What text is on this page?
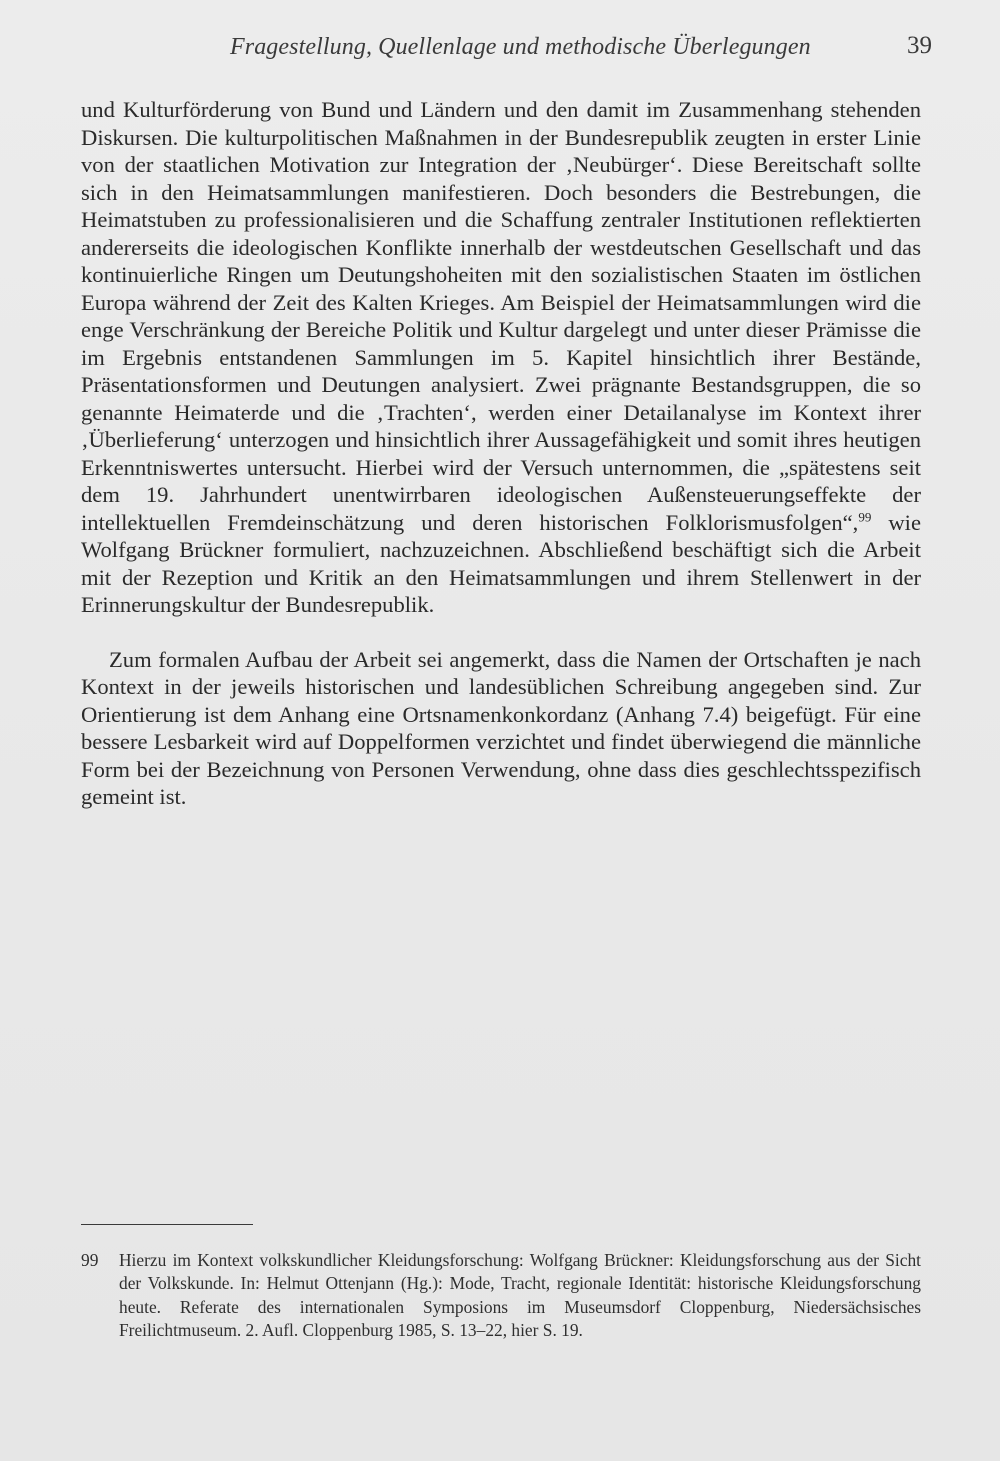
Fragestellung, Quellenlage und methodische Überlegungen	39

und Kulturförderung von Bund und Ländern und den damit im Zusammenhang stehenden Diskursen. Die kulturpolitischen Maßnahmen in der Bundesrepublik zeugten in erster Linie von der staatlichen Motivation zur Integration der ‚Neubürger‘. Diese Bereitschaft sollte sich in den Heimatsammlungen manifestieren. Doch besonders die Bestrebungen, die Heimatstuben zu professionalisieren und die Schaffung zentraler Institutionen reflektierten andererseits die ideologischen Konflikte innerhalb der westdeutschen Gesellschaft und das kontinuierliche Ringen um Deutungshoheiten mit den sozialistischen Staaten im östlichen Europa während der Zeit des Kalten Krieges. Am Beispiel der Heimatsammlungen wird die enge Verschränkung der Bereiche Politik und Kultur dargelegt und unter dieser Prämisse die im Ergebnis entstandenen Sammlungen im 5. Kapitel hinsichtlich ihrer Bestände, Präsentationsformen und Deutungen analysiert. Zwei prägnante Bestandsgruppen, die so genannte Heimaterde und die ‚Trachten‘, werden einer Detailanalyse im Kontext ihrer ‚Überlieferung‘ unterzogen und hinsichtlich ihrer Aussagefähigkeit und somit ihres heutigen Erkenntniswertes untersucht. Hierbei wird der Versuch unternommen, die „spätestens seit dem 19. Jahrhundert unentwirrbaren ideologischen Außensteuerungseffekte der intellektuellen Fremdeinschätzung und deren historischen Folklorismusfolgen“,$^{99}$ wie Wolfgang Brückner formuliert, nachzuzeichnen. Abschließend beschäftigt sich die Arbeit mit der Rezeption und Kritik an den Heimatsammlungen und ihrem Stellenwert in der Erinnerungskultur der Bundesrepublik.

Zum formalen Aufbau der Arbeit sei angemerkt, dass die Namen der Ortschaften je nach Kontext in der jeweils historischen und landesüblichen Schreibung angegeben sind. Zur Orientierung ist dem Anhang eine Ortsnamenkonkordanz (Anhang 7.4) beigefügt. Für eine bessere Lesbarkeit wird auf Doppelformen verzichtet und findet überwiegend die männliche Form bei der Bezeichnung von Personen Verwendung, ohne dass dies geschlechtsspezifisch gemeint ist.

99 Hierzu im Kontext volkskundlicher Kleidungsforschung: Wolfgang Brückner: Kleidungsforschung aus der Sicht der Volkskunde. In: Helmut Ottenjann (Hg.): Mode, Tracht, regionale Identität: historische Kleidungsforschung heute. Referate des internationalen Symposions im Museumsdorf Cloppenburg, Niedersächsisches Freilichtmuseum. 2. Aufl. Cloppenburg 1985, S. 13–22, hier S. 19.
